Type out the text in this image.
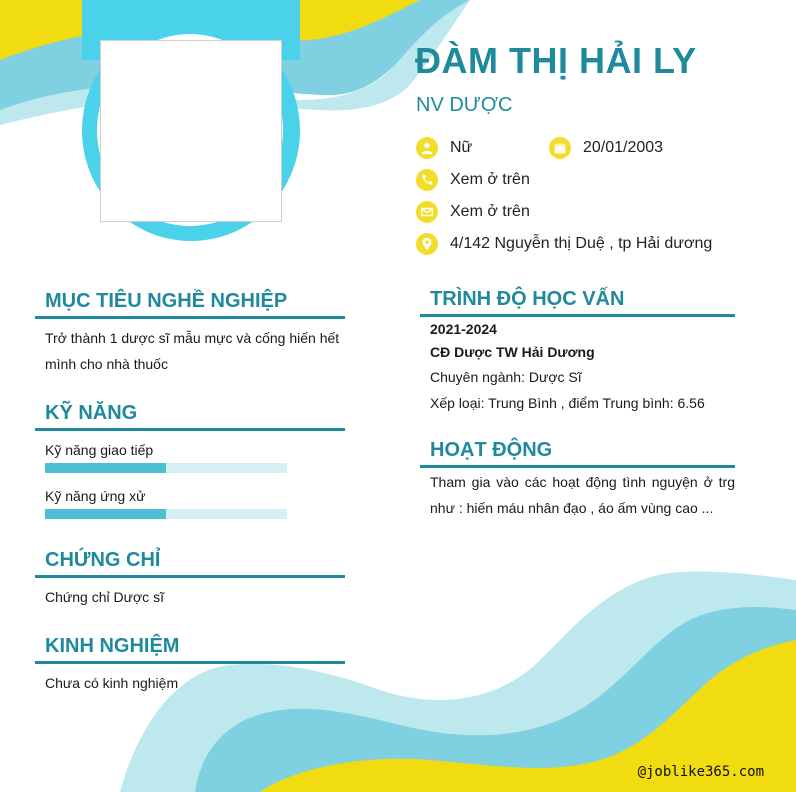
ĐÀM THỊ HẢI LY
NV DƯỢC
Nữ	20/01/2003
Xem ở trên
Xem ở trên
4/142 Nguyễn thị Duệ , tp Hải dương
MỤC TIÊU NGHỀ NGHIỆP
Trở thành 1 dược sĩ mẫu mực và cống hiến hết
mình cho nhà thuốc
KỸ NĂNG
Kỹ năng giao tiếp
Kỹ năng ứng xử
CHỨNG CHỈ
Chứng chỉ Dược sĩ
KINH NGHIỆM
Chưa có kinh nghiệm
TRÌNH ĐỘ HỌC VẤN
2021-2024
CĐ Dược TW Hải Dương
Chuyên ngành: Dược Sĩ
Xếp loại: Trung Bình , điểm Trung bình: 6.56
HOẠT ĐỘNG
Tham gia vào các hoạt động tình nguyện ở trg
như : hiến máu nhân đạo , áo ấm vùng cao ...
@joblike365.com
